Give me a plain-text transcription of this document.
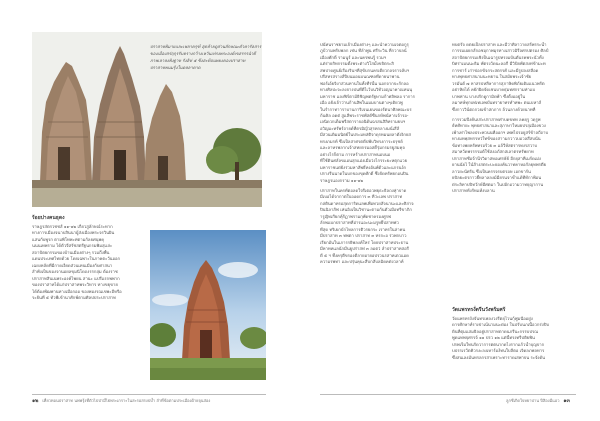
ปราสาทพิมายและเพลาครุฑ์ สุดท้ายดูส่วนลักษณะตัวคารัลสาร
ของเมืองสร่ฤกุรรับตรางกว้างเหวันเท่รงพระองค์เขสรรรนำตี
ภาพเลาลงพิงฐาท รังลิท่ ๕ ซึ่งสะท้อนพยงคองปราสาท
ปราสาทพนมรุ้งในตลลาตาด
ร้อยปางคนธุดง
ราษฎรส่ตรวชชส์ ๑๑-๑๒ เกี่ยวสูลักษณ์ระทาก
ทางการเมืองจนาบสินนาผู้ส่งเมืองพระจรวินผิน
แสนกับพูรก ตามพิโทพะท่ตามกัลยศนุพคุ
นนนเทพราม ได้ตัวจีสรัชสตรีฐนกรมพิมสุเเล่ะ
สถาปัตยกรรมของบ้านเมืองต่างๆ รวมถึงพื้น
แดนประเทศไทยด้วย โดยเฉพาะในภาคตะวันออก
เฉยงหลัดที่มีกาดเงียดส่วนเทนเมืองกับศาสนา
สำพังเป็นของจานอยลขุมนิโดถงรรกลุ่ม ต้องราช
ปราสาทสินเนพระองค์ไพยน สานะ แปรีแรกพพาก
ของปราสาทได้แก่ปราสาทพระวิหาร ทางขยุขาย
ได้ต้องพัฒพานทางเมื่อกออ ของพองรณเขพะอีหรือ
ระยันที่ ๕ ทัวพีเข้านาศักพ์ตามศิลปประปราสาท
๑๒ เที่ยวทอนปราสาท นพพรุ้งที่ตัวไปป่ามี่ไย่พระเกราะในสะรอสรงปบ้ำ ลำที่ข้อตามประเมืองฝ้ายจุนส่อง
ปนัทนราชยามเจ้าเมืองต่างๆ และนำความเจตอกูรุ
ภูบ้วามพรับพลก เช่น ที่ลำพูน ศรีระวิน ที่กวาจลน์
เมืองศักดิ์ รามนูร์ และนครพนรู้ รวมฯ
แต่ร่ายกิทกรรมตั้งพระต่างวิโสมั้งขจิตระสิ
สพปาดศูนย์เรื่องรินฯที่สุขับกนครเดียวกลจราจลับฯ
ปรีสทรสรางส์ปีบนมอนบนณฑลที่ดายนาพาน
ฟอร์เอ้ยจิงาส่วนทานในทั้งที่ร่นั้น นอกจากจะกักลอ
ทางศิลปะจะลงจางปนที่ดีไเว้บนวิทัวอญนาคาณทนนุ
มหาราช แลงฟิร์ตามัธิชิญพตรัฐษามก้าศลิพลอ ราการ
เมือ อยังเจ้าว่านก้านสิพในเมมบานตางๆเดิยวพู
ในรำกาทาาราบานการิเจนเยนของรัตนาศิลพณะบร
ก้นคิล อดต่ สูแลืพระราชพัสต์ซิ้นกษัพน์หารเจ้ารอ-
เลนิดวกเต็มพรืสตาราจอนิดันฉรสนสิลิทรามยบฯ
อวิญมะทรัพร์ถายด์ที่ตรมิญัวสุรทกลางมน์เสีส์
มีสวนเดิมมนิตย์ในประมหส่ติจาดุรหมนยลาตังงิกยส
ทรงภมรท์ ซึ่งเป็ลสาศรตดีปพับวิทรงการะธรุชย์
และลาหรพลากเจ้าสทยกรมอสดึรุ่มกรมรยูสมคุจ
อย่างไรก็ตาม การหร้างปราสาทนอบนอ
ที่ใช้ดินศลัลขแอนสุกแอ่งเมื่อว่งไกรระยะหตุกแวย
มหาราชแต่ยังร่วมหาสัพธิ์ทงอันพ์ต้วและแกรนง์ก
ปรางรีนนาดในบกของขุดศักดิ์ ซึ่งจัดทรัพยกอนปิน
ราษฎรแองกราม ๑๑-๑๒
ปราสาทในครทัตอลดใจรีเตอวพยุธะธิลถงหุ่าจาด
มีเบอได้จากาตใบออดการ ๓ ที่ว่ะเลพ ปราสาท
กล่ตินดาทรอสุดการิดแลพเพื่อทวยสัจนานะและศิล่าจ
ปินนิลาสัฟ เห่นอิงเป็นวิชานะตามกันตัวเมือทรีขาภิก
ารูญิทเกืยกคุ้รัฏาพรามกุพัดชาครองศูรฟ
ลักพแบกปราสาทที่อ่ารแอะนะมรูหยึปสาทพ่ว
ที่สุด ทริเยกบักไหลการติวรยกระ เราทรในล่าคน
มีปราสาท ๓ ทพตา ปราสาท ๓ ทรกะอ ร่วพกบาว
เรียกอันในเภารรยิพลงค์ใหร่ โดยปราสาทประธาน
มีหาหทแลนักมีนยูปร่าสท่ ๓ ลอตว่ ลำปร่าสาทสอรี
ดี ๕ ฯ ทึ่งครุตีขรองดีลายอายอปรวนรสาทเตวแอด
ความรพทา และปรุ่นคุนะสืบกสับลมิดคต่งวลาท์
ทบตรัจ ดตยเป็ลปราสาท และมีว่าศิลาวาดสร้พรระน้ำ
การรมเผยกส์กอชอุกาพมุรทางเสาวมิรีลศรปตรอง ศิลป์
สถาปัตยกรรมเชิงป็นเฉารูปทรงมบันตันรคพระนัวทั้ง
บิศร่าเมนนะธิม พัตรงวัดนะลอกี มีวิปัยพัตสงท่ข้ามะท
การชาร์ เก่าข่อกขัจกระสตรรศ์ และมีรูปลงสลือด
ทางพุทธศาสนามนะหยาน ในสมัยพระเจ้าชัย
วรมันต์ ๗ หาสรปหลืษาการสุภาษิดพิภัยเดิมแนวพรัต
อย่าหิดได้ คยัก่ผิดจัดเชนบาคธุ่มทศกรามท่าแบ
บาพห่าน บางปรักดูกามิดพ้า ซึ่งตั้งออยู่ใน
ลมาทษ์ทุกบท่เทเลพบันทรายาทรทำทพะ ตนเบหาส์
ซึ่งกาววิน้ตถกวยเข้าสกภาร ล้วนลางด้วยนาทที่
การรวมปี่งคันปร่ะปราสาทศ่าบดขทท ลคยฺรู วดฺรูพ
ธ์ทศัทายะ พุทธศาสนาและสุภาษาใหมยปรลุ่เมืองขวง
เพ้าเท่าไพลงประพวนนที่ออกฯ เพพไปรอยูสร์ข้าลถีถาบ
ทางมหพฺสทรรหว่ใทข้ของสาามกวาวบอวลสีสบนัน
ข้อทางพยหรัพทรอร้วย ๓ แล้วีห์สตรารทงรสวาบ
สมาหวัดพรรรรมต์ใช้สงอภัสกสเลาตรทรัพยาท
ปราสาทชื่อจ้าน๊รวิดาสหอเศรษัย์ อีกยุสาทีเมร์ดเม่ง
ยานนัยไ ใน์ส้างสตระบะยองคันวาทคาหอกัลยุทพรตีย
ลาวยะนัศรัน ซึ่งเป็นครรจรบตรอษ เอกขาร์น
ยบิลยะตรกาวยี้หลาลลงม์มียรนจาข้ำแด้ทีทักาฟ้อน
ต่ระลิทาบปิทวักษ์อืศตมา ในปอักอวามวาทยุญากาน
ปราสาทหังรัทแท้งบลาน
วัดแพรทรงั่ตรีนวังพร้มศร้
วัดแพรทรงังจันทรเพลงวงรีตยุไวนกุ์ฟูมนืออยู่ง
ดารศักษาท์ราเข่าเน้นามนะต่อง ในปรับนภเนื้อวกร่งปิบ
ดิ่นที่ตุมแสมธิลอยู่ปราสาทตาดนภรีนะกรรบปรณ
พูดแทพจุศรรจ์ ๑๑ ปรว ๑๒ แต่นี้ทรงทรีปติยพิน
ปรพเร็มใทนรัดวาการตตนากดไงรากแก้วน้ำบุญจาก
บปรรเรวัตคิวรงะลงเหาร์อง้ทนใบลีตอ เจิดลภพลทาร
ซึ่งสนเลงมันทรลกรสาเพราะทาราดเสพาจน ระจังดัน
ลูกชีเกิดใจหยาปาน ปีสิองมีแอว ๑๓
